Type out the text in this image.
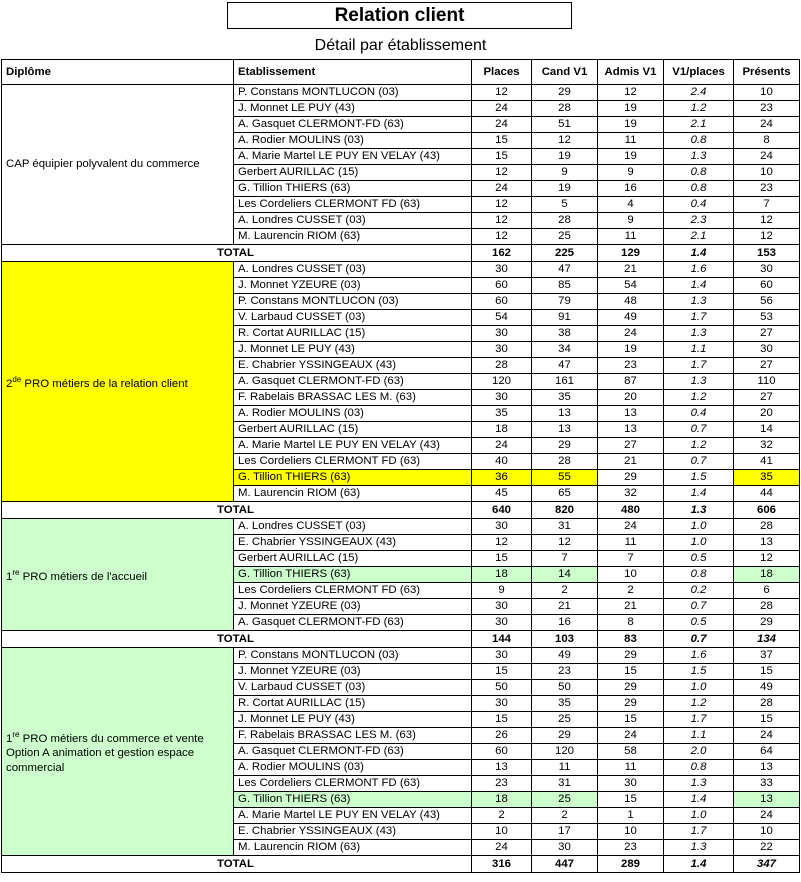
Relation client
Détail par établissement
Diplôme	Etablissement	Places	Cand V1	Admis V1	V1/places	Présents
CAP équipier polyvalent du commerce	P. Constans MONTLUCON (03)	12	29	12	2.4	10
	J. Monnet LE PUY (43)	24	28	19	1.2	23
	A. Gasquet CLERMONT-FD (63)	24	51	19	2.1	24
	A. Rodier MOULINS (03)	15	12	11	0.8	8
	A. Marie Martel LE PUY EN VELAY (43)	15	19	19	1.3	24
	Gerbert AURILLAC (15)	12	9	9	0.8	10
	G. Tillion THIERS (63)	24	19	16	0.8	23
	Les Cordeliers CLERMONT FD (63)	12	5	4	0.4	7
	A. Londres CUSSET (03)	12	28	9	2.3	12
	M. Laurencin RIOM (63)	12	25	11	2.1	12
TOTAL		162	225	129	1.4	153
2de PRO métiers de la relation client	A. Londres CUSSET (03)	30	47	21	1.6	30
	J. Monnet YZEURE (03)	60	85	54	1.4	60
	P. Constans MONTLUCON (03)	60	79	48	1.3	56
	V. Larbaud CUSSET (03)	54	91	49	1.7	53
	R. Cortat AURILLAC (15)	30	38	24	1.3	27
	J. Monnet LE PUY (43)	30	34	19	1.1	30
	E. Chabrier YSSINGEAUX (43)	28	47	23	1.7	27
	A. Gasquet CLERMONT-FD (63)	120	161	87	1.3	110
	F. Rabelais BRASSAC LES M. (63)	30	35	20	1.2	27
	A. Rodier MOULINS (03)	35	13	13	0.4	20
	Gerbert AURILLAC (15)	18	13	13	0.7	14
	A. Marie Martel LE PUY EN VELAY (43)	24	29	27	1.2	32
	Les Cordeliers CLERMONT FD (63)	40	28	21	0.7	41
	G. Tillion THIERS (63)	36	55	29	1.5	35
	M. Laurencin RIOM (63)	45	65	32	1.4	44
TOTAL		640	820	480	1.3	606
1re PRO métiers de l'accueil	A. Londres CUSSET (03)	30	31	24	1.0	28
	E. Chabrier YSSINGEAUX (43)	12	12	11	1.0	13
	Gerbert AURILLAC (15)	15	7	7	0.5	12
	G. Tillion THIERS (63)	18	14	10	0.8	18
	Les Cordeliers CLERMONT FD (63)	9	2	2	0.2	6
	J. Monnet YZEURE (03)	30	21	21	0.7	28
	A. Gasquet CLERMONT-FD (63)	30	16	8	0.5	29
TOTAL		144	103	83	0.7	134
1re PRO métiers du commerce et vente
Option A animation et gestion espace
commercial	P. Constans MONTLUCON (03)	30	49	29	1.6	37
	J. Monnet YZEURE (03)	15	23	15	1.5	15
	V. Larbaud CUSSET (03)	50	50	29	1.0	49
	R. Cortat AURILLAC (15)	30	35	29	1.2	28
	J. Monnet LE PUY (43)	15	25	15	1.7	15
	F. Rabelais BRASSAC LES M. (63)	26	29	24	1.1	24
	A. Gasquet CLERMONT-FD (63)	60	120	58	2.0	64
	A. Rodier MOULINS (03)	13	11	11	0.8	13
	Les Cordeliers CLERMONT FD (63)	23	31	30	1.3	33
	G. Tillion THIERS (63)	18	25	15	1.4	13
	A. Marie Martel LE PUY EN VELAY (43)	2	2	1	1.0	24
	E. Chabrier YSSINGEAUX (43)	10	17	10	1.7	10
	M. Laurencin RIOM (63)	24	30	23	1.3	22
TOTAL		316	447	289	1.4	347
